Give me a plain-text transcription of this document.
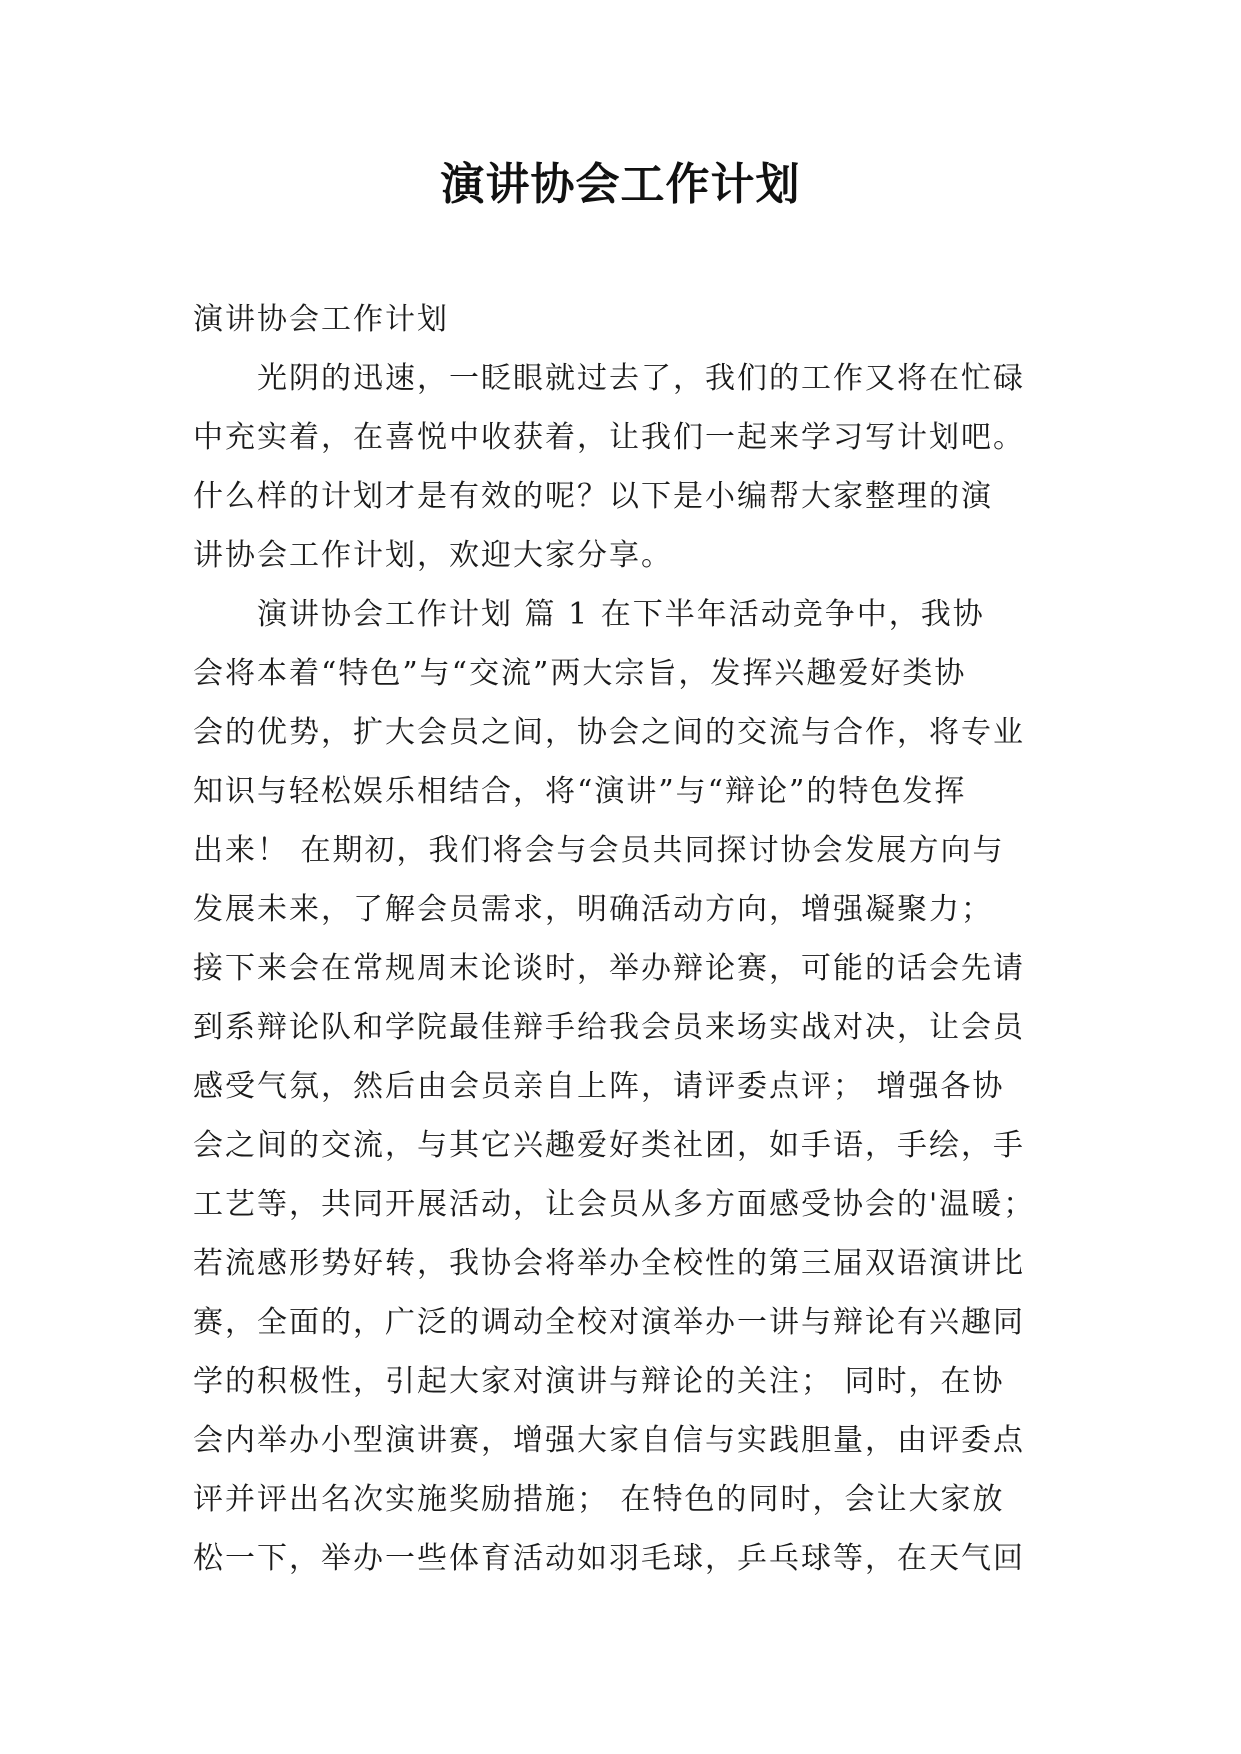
演讲协会工作计划
演讲协会工作计划
光阴的迅速，一眨眼就过去了，我们的工作又将在忙碌
中充实着，在喜悦中收获着，让我们一起来学习写计划吧。
什么样的计划才是有效的呢？以下是小编帮大家整理的演
讲协会工作计划，欢迎大家分享。
演讲协会工作计划 篇 1 在下半年活动竞争中，我协
会将本着“特色”与“交流”两大宗旨，发挥兴趣爱好类协
会的优势，扩大会员之间，协会之间的交流与合作，将专业
知识与轻松娱乐相结合，将“演讲”与“辩论”的特色发挥
出来！ 在期初，我们将会与会员共同探讨协会发展方向与
发展未来，了解会员需求，明确活动方向，增强凝聚力；
接下来会在常规周末论谈时，举办辩论赛，可能的话会先请
到系辩论队和学院最佳辩手给我会员来场实战对决，让会员
感受气氛，然后由会员亲自上阵，请评委点评； 增强各协
会之间的交流，与其它兴趣爱好类社团，如手语，手绘，手
工艺等，共同开展活动，让会员从多方面感受协会的'温暖；
若流感形势好转，我协会将举办全校性的第三届双语演讲比
赛，全面的，广泛的调动全校对演举办一讲与辩论有兴趣同
学的积极性，引起大家对演讲与辩论的关注； 同时，在协
会内举办小型演讲赛，增强大家自信与实践胆量，由评委点
评并评出名次实施奖励措施； 在特色的同时，会让大家放
松一下，举办一些体育活动如羽毛球，乒乓球等，在天气回
